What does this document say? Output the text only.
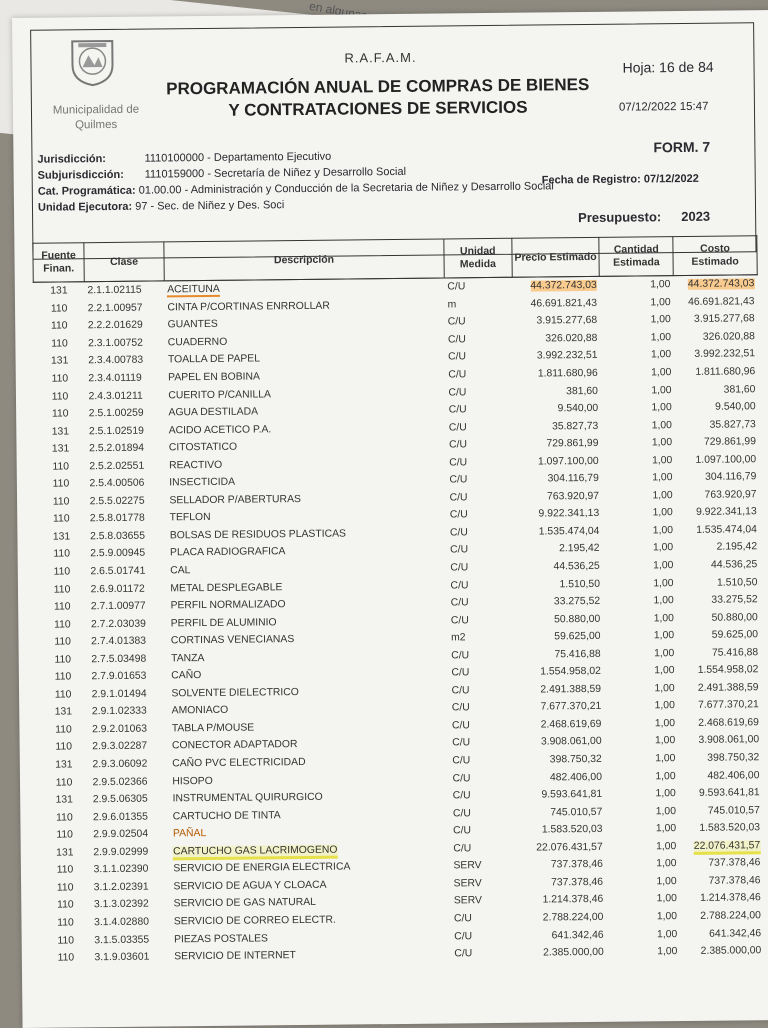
Municipalidad de
Quilmes
R.A.F.A.M.
Hoja: 16 de 84
PROGRAMACIÓN ANUAL DE COMPRAS DE BIENES
Y CONTRATACIONES DE SERVICIOS	07/12/2022 15:47
FORM. 7
Jurisdicción:	1110100000 - Departamento Ejecutivo
Subjurisdicción: 1110159000 - Secretaría de Niñez y Desarrollo Social
Cat. Programática: 01.00.00 - Administración y Conducción de la Secretaria de Niñez y Desarrollo Social
Unidad Ejecutora: 97 - Sec. de Niñez y Des. Soci
Fecha de Registro: 07/12/2022
Presupuesto: 2023
Fuente Finan.	Clase	Descripción	Unidad Medida	Precio Estimado	Cantidad Estimada	Costo Estimado
131	2.1.1.02115	ACEITUNA	C/U	44.372.743,03	1,00	44.372.743,03
110	2.2.1.00957	CINTA P/CORTINAS ENRROLLAR	m	46.691.821,43	1,00	46.691.821,43
110	2.2.2.01629	GUANTES	C/U	3.915.277,68	1,00	3.915.277,68
110	2.3.1.00752	CUADERNO	C/U	326.020,88	1,00	326.020,88
131	2.3.4.00783	TOALLA DE PAPEL	C/U	3.992.232,51	1,00	3.992.232,51
110	2.3.4.01119	PAPEL EN BOBINA	C/U	1.811.680,96	1,00	1.811.680,96
110	2.4.3.01211	CUERITO P/CANILLA	C/U	381,60	1,00	381,60
110	2.5.1.00259	AGUA DESTILADA	C/U	9.540,00	1,00	9.540,00
131	2.5.1.02519	ACIDO ACETICO P.A.	C/U	35.827,73	1,00	35.827,73
131	2.5.2.01894	CITOSTATICO	C/U	729.861,99	1,00	729.861,99
110	2.5.2.02551	REACTIVO	C/U	1.097.100,00	1,00	1.097.100,00
110	2.5.4.00506	INSECTICIDA	C/U	304.116,79	1,00	304.116,79
110	2.5.5.02275	SELLADOR P/ABERTURAS	C/U	763.920,97	1,00	763.920,97
110	2.5.8.01778	TEFLON	C/U	9.922.341,13	1,00	9.922.341,13
131	2.5.8.03655	BOLSAS DE RESIDUOS PLASTICAS	C/U	1.535.474,04	1,00	1.535.474,04
110	2.5.9.00945	PLACA RADIOGRAFICA	C/U	2.195,42	1,00	2.195,42
110	2.6.5.01741	CAL	C/U	44.536,25	1,00	44.536,25
110	2.6.9.01172	METAL DESPLEGABLE	C/U	1.510,50	1,00	1.510,50
110	2.7.1.00977	PERFIL NORMALIZADO	C/U	33.275,52	1,00	33.275,52
110	2.7.2.03039	PERFIL DE ALUMINIO	C/U	50.880,00	1,00	50.880,00
110	2.7.4.01383	CORTINAS VENECIANAS	m2	59.625,00	1,00	59.625,00
110	2.7.5.03498	TANZA	C/U	75.416,88	1,00	75.416,88
110	2.7.9.01653	CAÑO	C/U	1.554.958,02	1,00	1.554.958,02
110	2.9.1.01494	SOLVENTE DIELECTRICO	C/U	2.491.388,59	1,00	2.491.388,59
131	2.9.1.02333	AMONIACO	C/U	7.677.370,21	1,00	7.677.370,21
110	2.9.2.01063	TABLA P/MOUSE	C/U	2.468.619,69	1,00	2.468.619,69
110	2.9.3.02287	CONECTOR ADAPTADOR	C/U	3.908.061,00	1,00	3.908.061,00
131	2.9.3.06092	CAÑO PVC ELECTRICIDAD	C/U	398.750,32	1,00	398.750,32
110	2.9.5.02366	HISOPO	C/U	482.406,00	1,00	482.406,00
131	2.9.5.06305	INSTRUMENTAL QUIRURGICO	C/U	9.593.641,81	1,00	9.593.641,81
110	2.9.6.01355	CARTUCHO DE TINTA	C/U	745.010,57	1,00	745.010,57
110	2.9.9.02504	PAÑAL	C/U	1.583.520,03	1,00	1.583.520,03
131	2.9.9.02999	CARTUCHO GAS LACRIMOGENO	C/U	22.076.431,57	1,00	22.076.431,57
110	3.1.1.02390	SERVICIO DE ENERGIA ELECTRICA	SERV	737.378,46	1,00	737.378,46
110	3.1.2.02391	SERVICIO DE AGUA Y CLOACA	SERV	737.378,46	1,00	737.378,46
110	3.1.3.02392	SERVICIO DE GAS NATURAL	SERV	1.214.378,46	1,00	1.214.378,46
110	3.1.4.02880	SERVICIO DE CORREO ELECTR.	C/U	2.788.224,00	1,00	2.788.224,00
110	3.1.5.03355	PIEZAS POSTALES	C/U	641.342,46	1,00	641.342,46
110	3.1.9.03601	SERVICIO DE INTERNET	C/U	2.385.000,00	1,00	2.385.000,00
